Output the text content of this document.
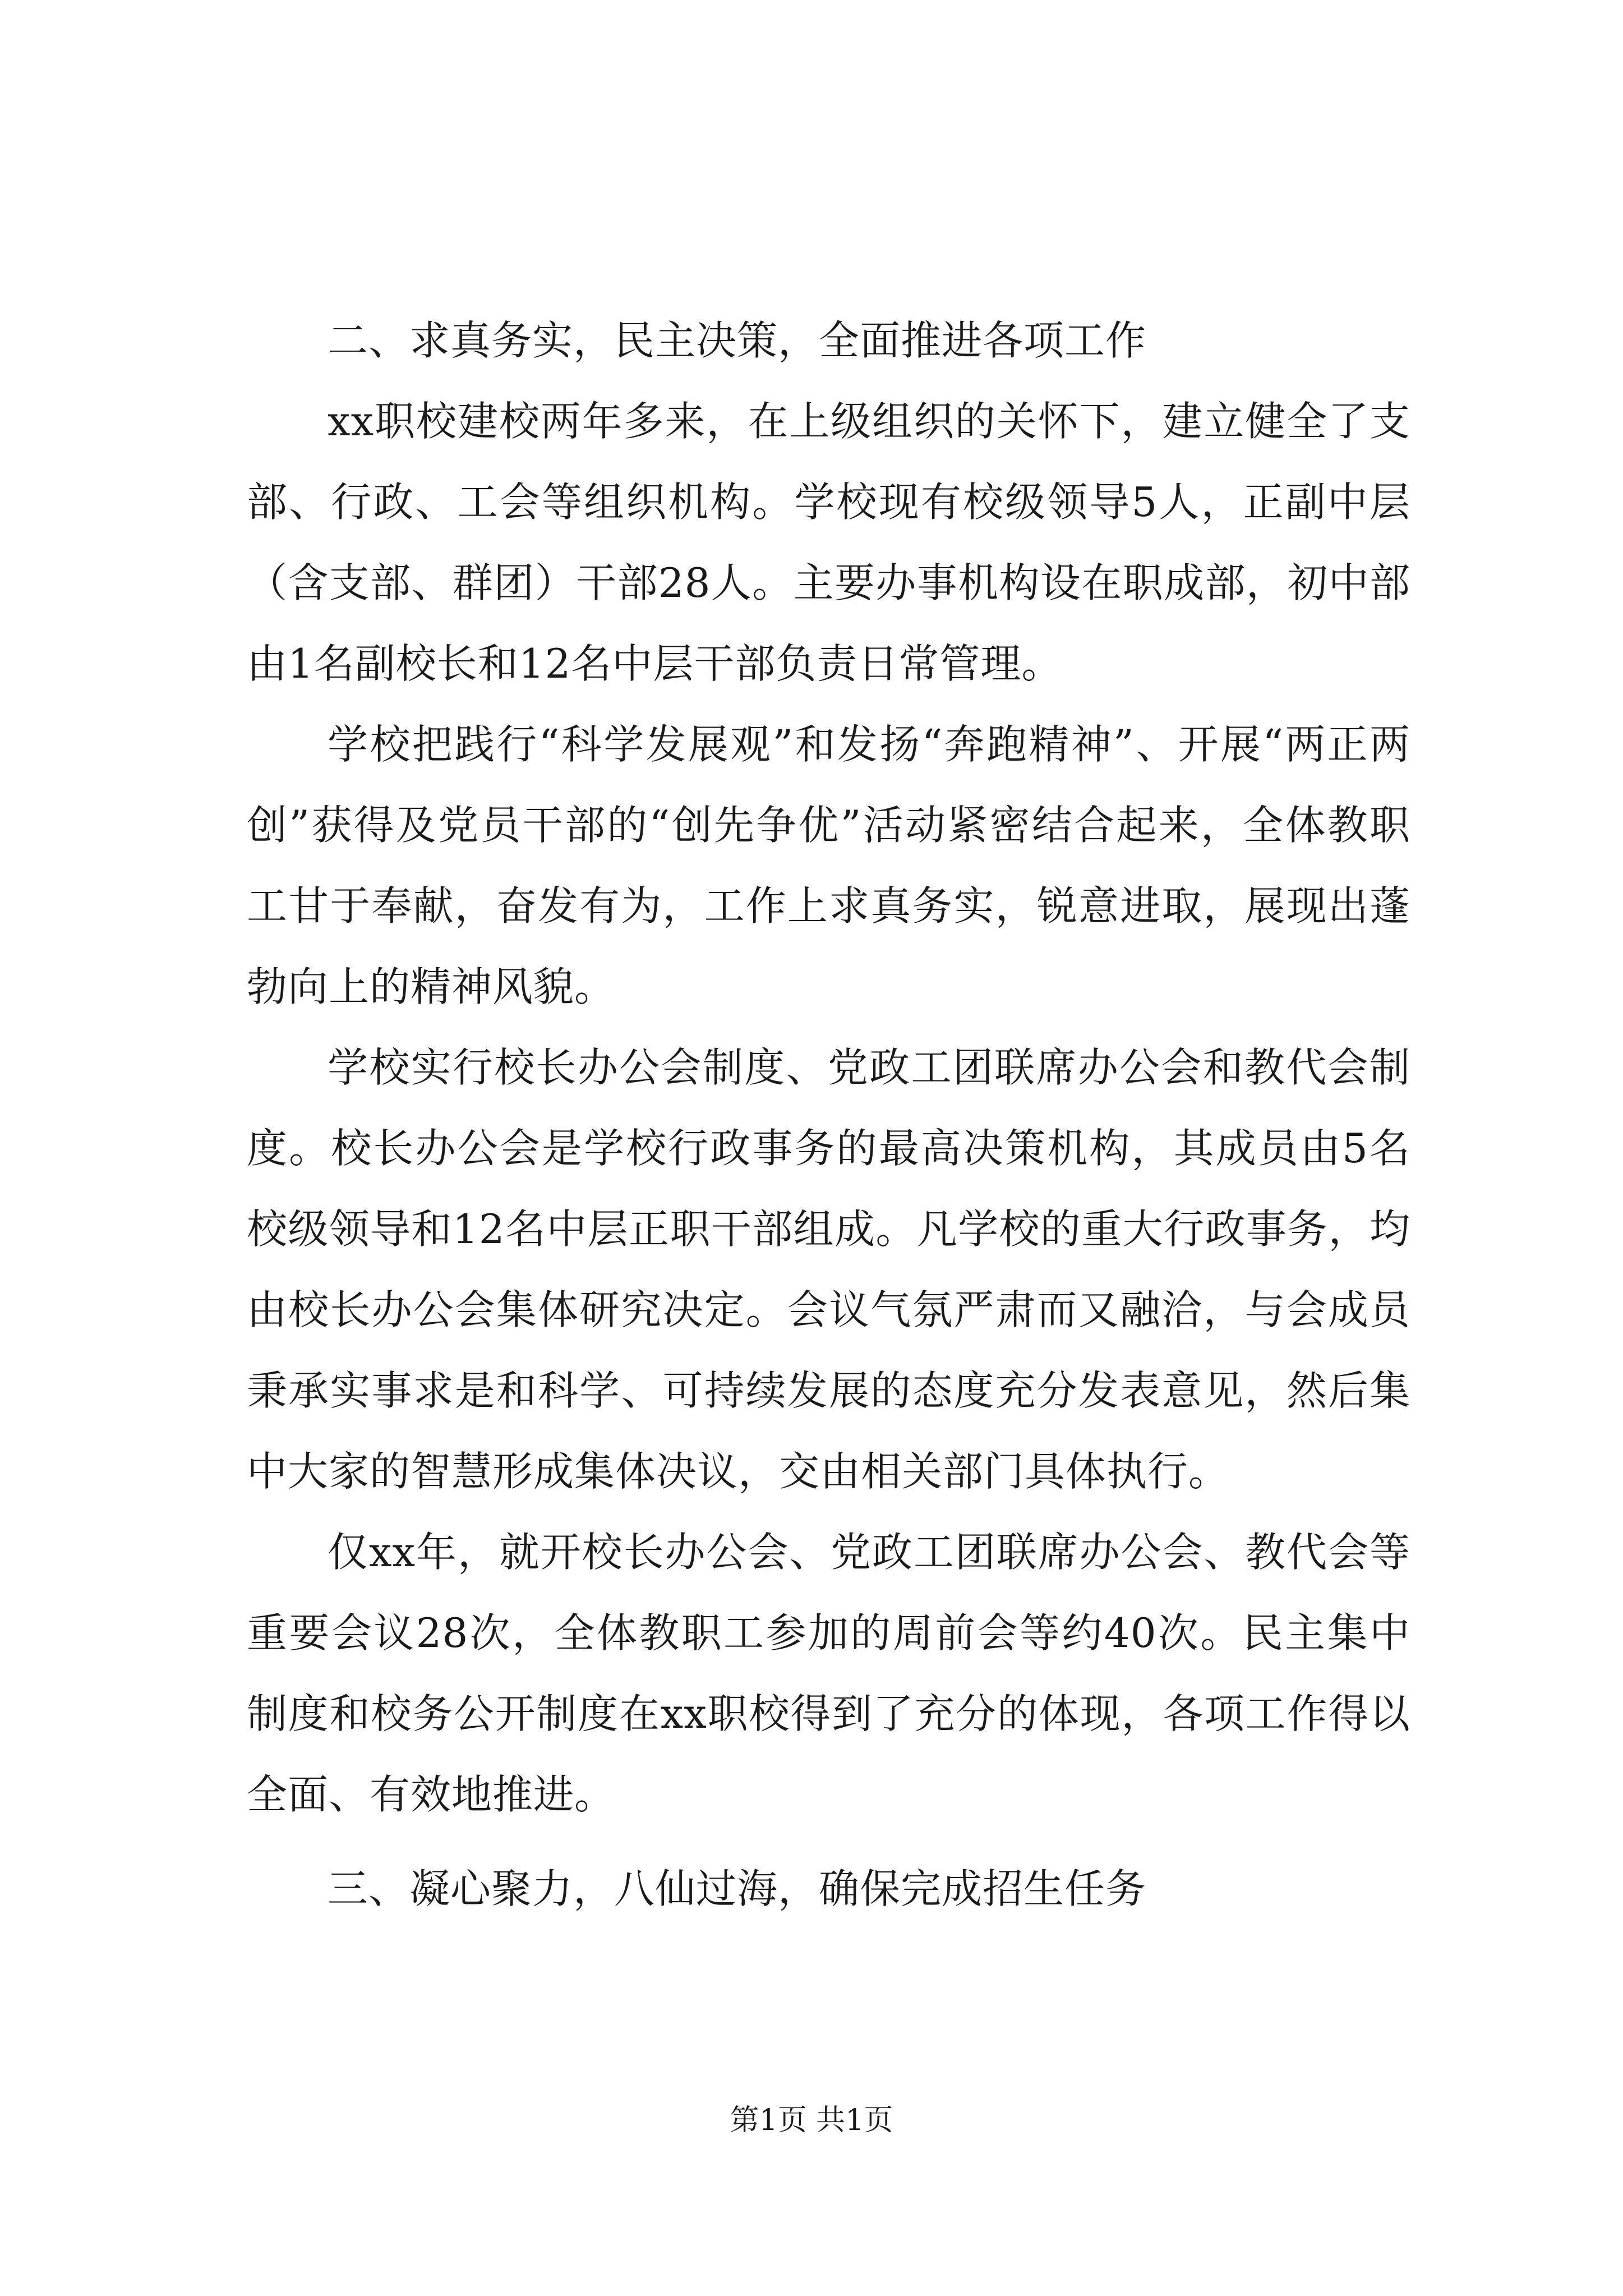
二、求真务实，民主决策，全面推进各项工作

xx职校建校两年多来，在上级组织的关怀下，建立健全了支部、行政、工会等组织机构。学校现有校级领导5人，正副中层（含支部、群团）干部28人。主要办事机构设在职成部，初中部由1名副校长和12名中层干部负责日常管理。

学校把践行“科学发展观”和发扬“奔跑精神”、开展“两正两创”获得及党员干部的“创先争优”活动紧密结合起来，全体教职工甘于奉献，奋发有为，工作上求真务实，锐意进取，展现出蓬勃向上的精神风貌。

学校实行校长办公会制度、党政工团联席办公会和教代会制度。校长办公会是学校行政事务的最高决策机构，其成员由5名校级领导和12名中层正职干部组成。凡学校的重大行政事务，均由校长办公会集体研究决定。会议气氛严肃而又融洽，与会成员秉承实事求是和科学、可持续发展的态度充分发表意见，然后集中大家的智慧形成集体决议，交由相关部门具体执行。

仅xx年，就开校长办公会、党政工团联席办公会、教代会等重要会议28次，全体教职工参加的周前会等约40次。民主集中制度和校务公开制度在xx职校得到了充分的体现，各项工作得以全面、有效地推进。

三、凝心聚力，八仙过海，确保完成招生任务

第1页 共1页
